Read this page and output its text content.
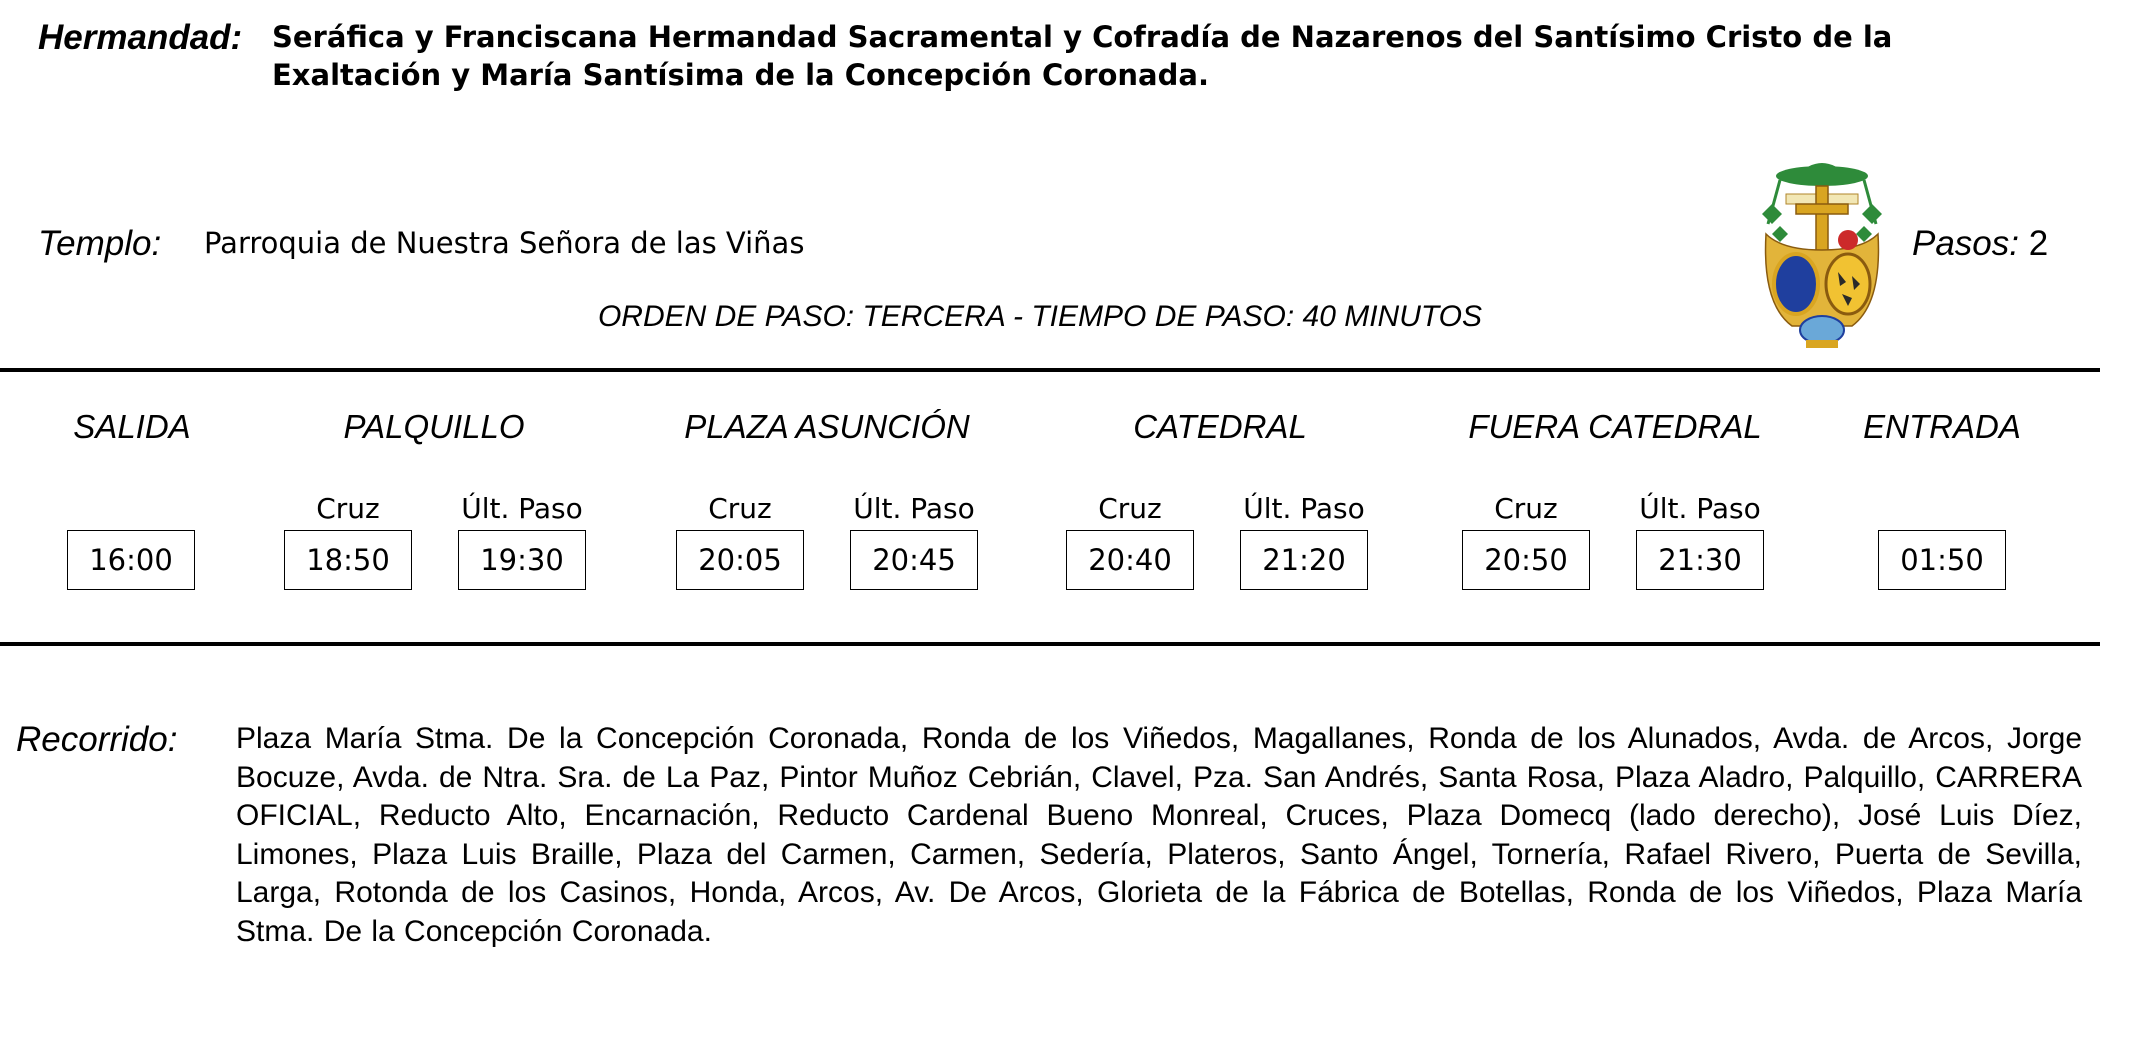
Hermandad: Seráfica y Franciscana Hermandad Sacramental y Cofradía de Nazarenos del Santísimo Cristo de la Exaltación y María Santísima de la Concepción Coronada.
Templo: Parroquia de Nuestra Señora de las Viñas
ORDEN DE PASO: TERCERA - TIEMPO DE PASO: 40 MINUTOS
Pasos: 2
SALIDA
16:00
PALQUILLO
Cruz	Últ. Paso
18:50	19:30
PLAZA ASUNCIÓN
Cruz	Últ. Paso
20:05	20:45
CATEDRAL
Cruz	Últ. Paso
20:40	21:20
FUERA CATEDRAL
Cruz	Últ. Paso
20:50	21:30
ENTRADA
01:50
Recorrido: Plaza María Stma. De la Concepción Coronada, Ronda de los Viñedos, Magallanes, Ronda de los Alunados, Avda. de Arcos, Jorge Bocuze, Avda. de Ntra. Sra. de La Paz, Pintor Muñoz Cebrián, Clavel, Pza. San Andrés, Santa Rosa, Plaza Aladro, Palquillo, CARRERA OFICIAL, Reducto Alto, Encarnación, Reducto Cardenal Bueno Monreal, Cruces, Plaza Domecq (lado derecho), José Luis Díez, Limones, Plaza Luis Braille, Plaza del Carmen, Carmen, Sedería, Plateros, Santo Ángel, Tornería, Rafael Rivero, Puerta de Sevilla, Larga, Rotonda de los Casinos, Honda, Arcos, Av. De Arcos, Glorieta de la Fábrica de Botellas, Ronda de los Viñedos, Plaza María Stma. De la Concepción Coronada.
